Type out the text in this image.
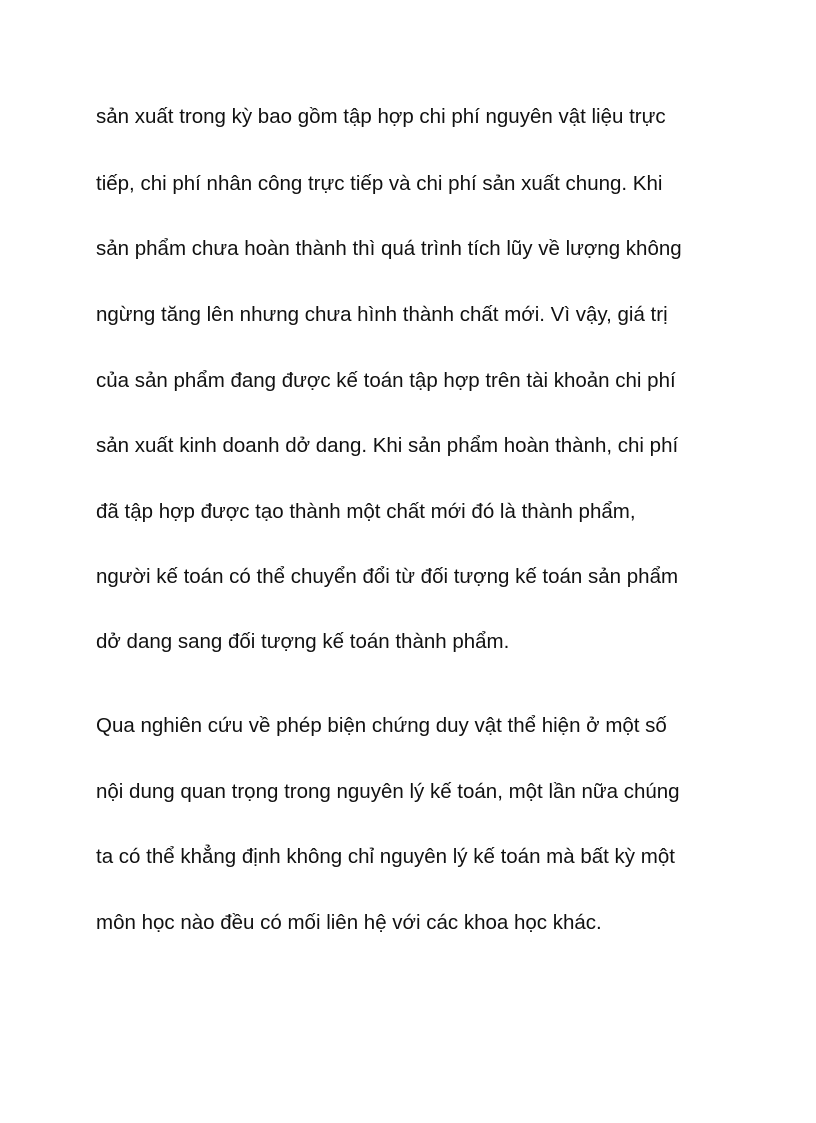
sản xuất trong kỳ bao gồm tập hợp chi phí nguyên vật liệu trực

tiếp, chi phí nhân công trực tiếp và chi phí sản xuất chung. Khi

sản phẩm chưa hoàn thành thì quá trình tích lũy về lượng không

ngừng tăng lên nhưng chưa hình thành chất mới. Vì vậy, giá trị

của sản phẩm đang được kế toán tập hợp trên tài khoản chi phí

sản xuất kinh doanh dở dang. Khi sản phẩm hoàn thành, chi phí

đã tập hợp được tạo thành một chất mới đó là thành phẩm,

người kế toán có thể chuyển đổi từ đối tượng kế toán sản phẩm

dở dang sang đối tượng kế toán thành phẩm.

Qua nghiên cứu về phép biện chứng duy vật thể hiện ở một số

nội dung quan trọng trong nguyên lý kế toán, một lần nữa chúng

ta có thể khẳng định không chỉ nguyên lý kế toán mà bất kỳ một

môn học nào đều có mối liên hệ với các khoa học khác.
